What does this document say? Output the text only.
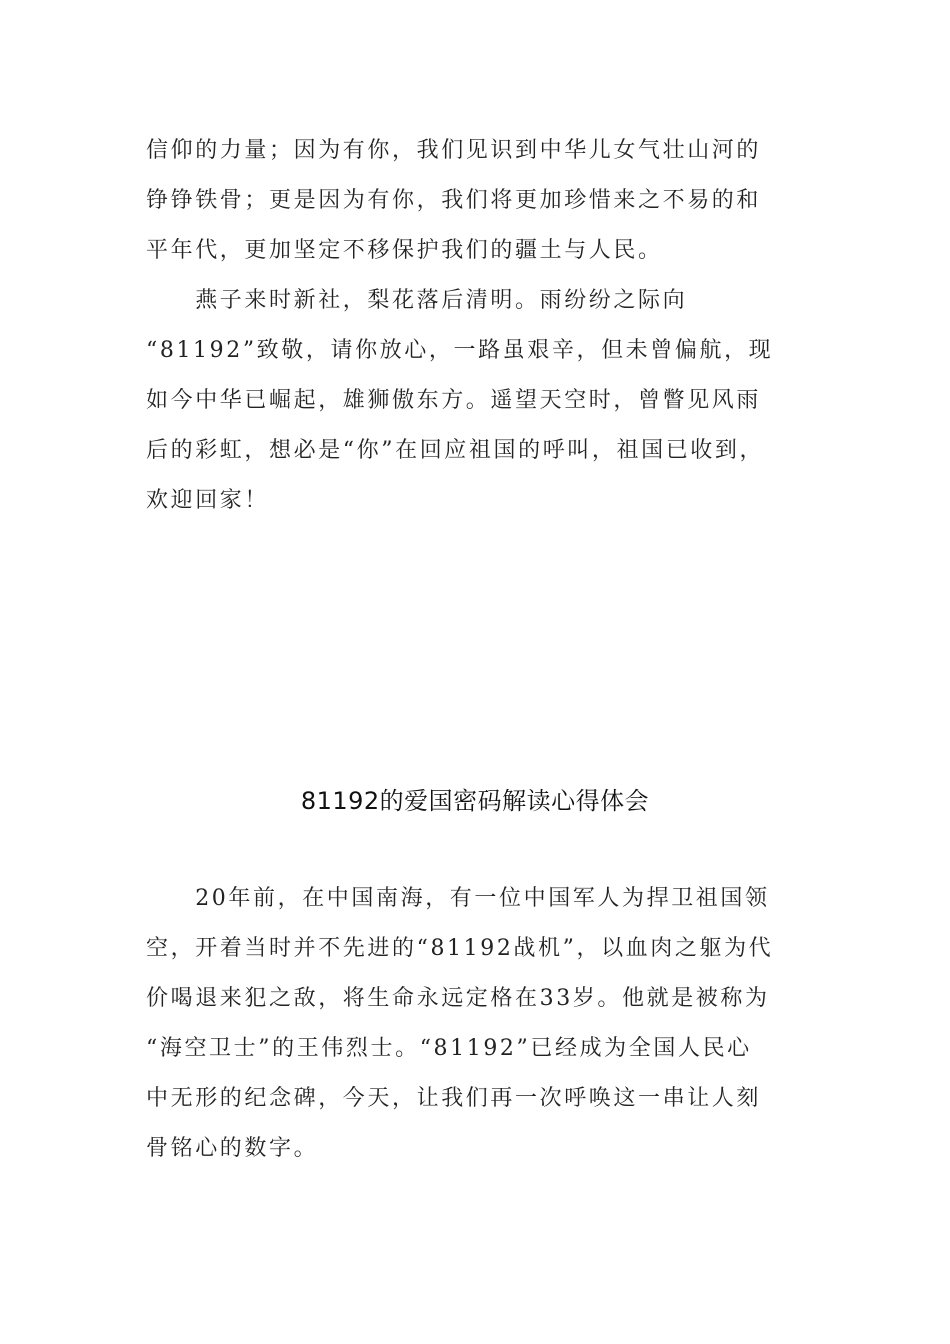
信仰的力量；因为有你，我们见识到中华儿女气壮山河的
铮铮铁骨；更是因为有你，我们将更加珍惜来之不易的和
平年代，更加坚定不移保护我们的疆土与人民。
　　燕子来时新社，梨花落后清明。雨纷纷之际向
“81192”致敬，请你放心，一路虽艰辛，但未曾偏航，现
如今中华已崛起，雄狮傲东方。遥望天空时，曾瞥见风雨
后的彩虹，想必是“你”在回应祖国的呼叫，祖国已收到，
欢迎回家！
81192的爱国密码解读心得体会
　　20年前，在中国南海，有一位中国军人为捍卫祖国领
空，开着当时并不先进的“81192战机”，以血肉之躯为代
价喝退来犯之敌，将生命永远定格在33岁。他就是被称为
“海空卫士”的王伟烈士。“81192”已经成为全国人民心
中无形的纪念碑，今天，让我们再一次呼唤这一串让人刻
骨铭心的数字。
